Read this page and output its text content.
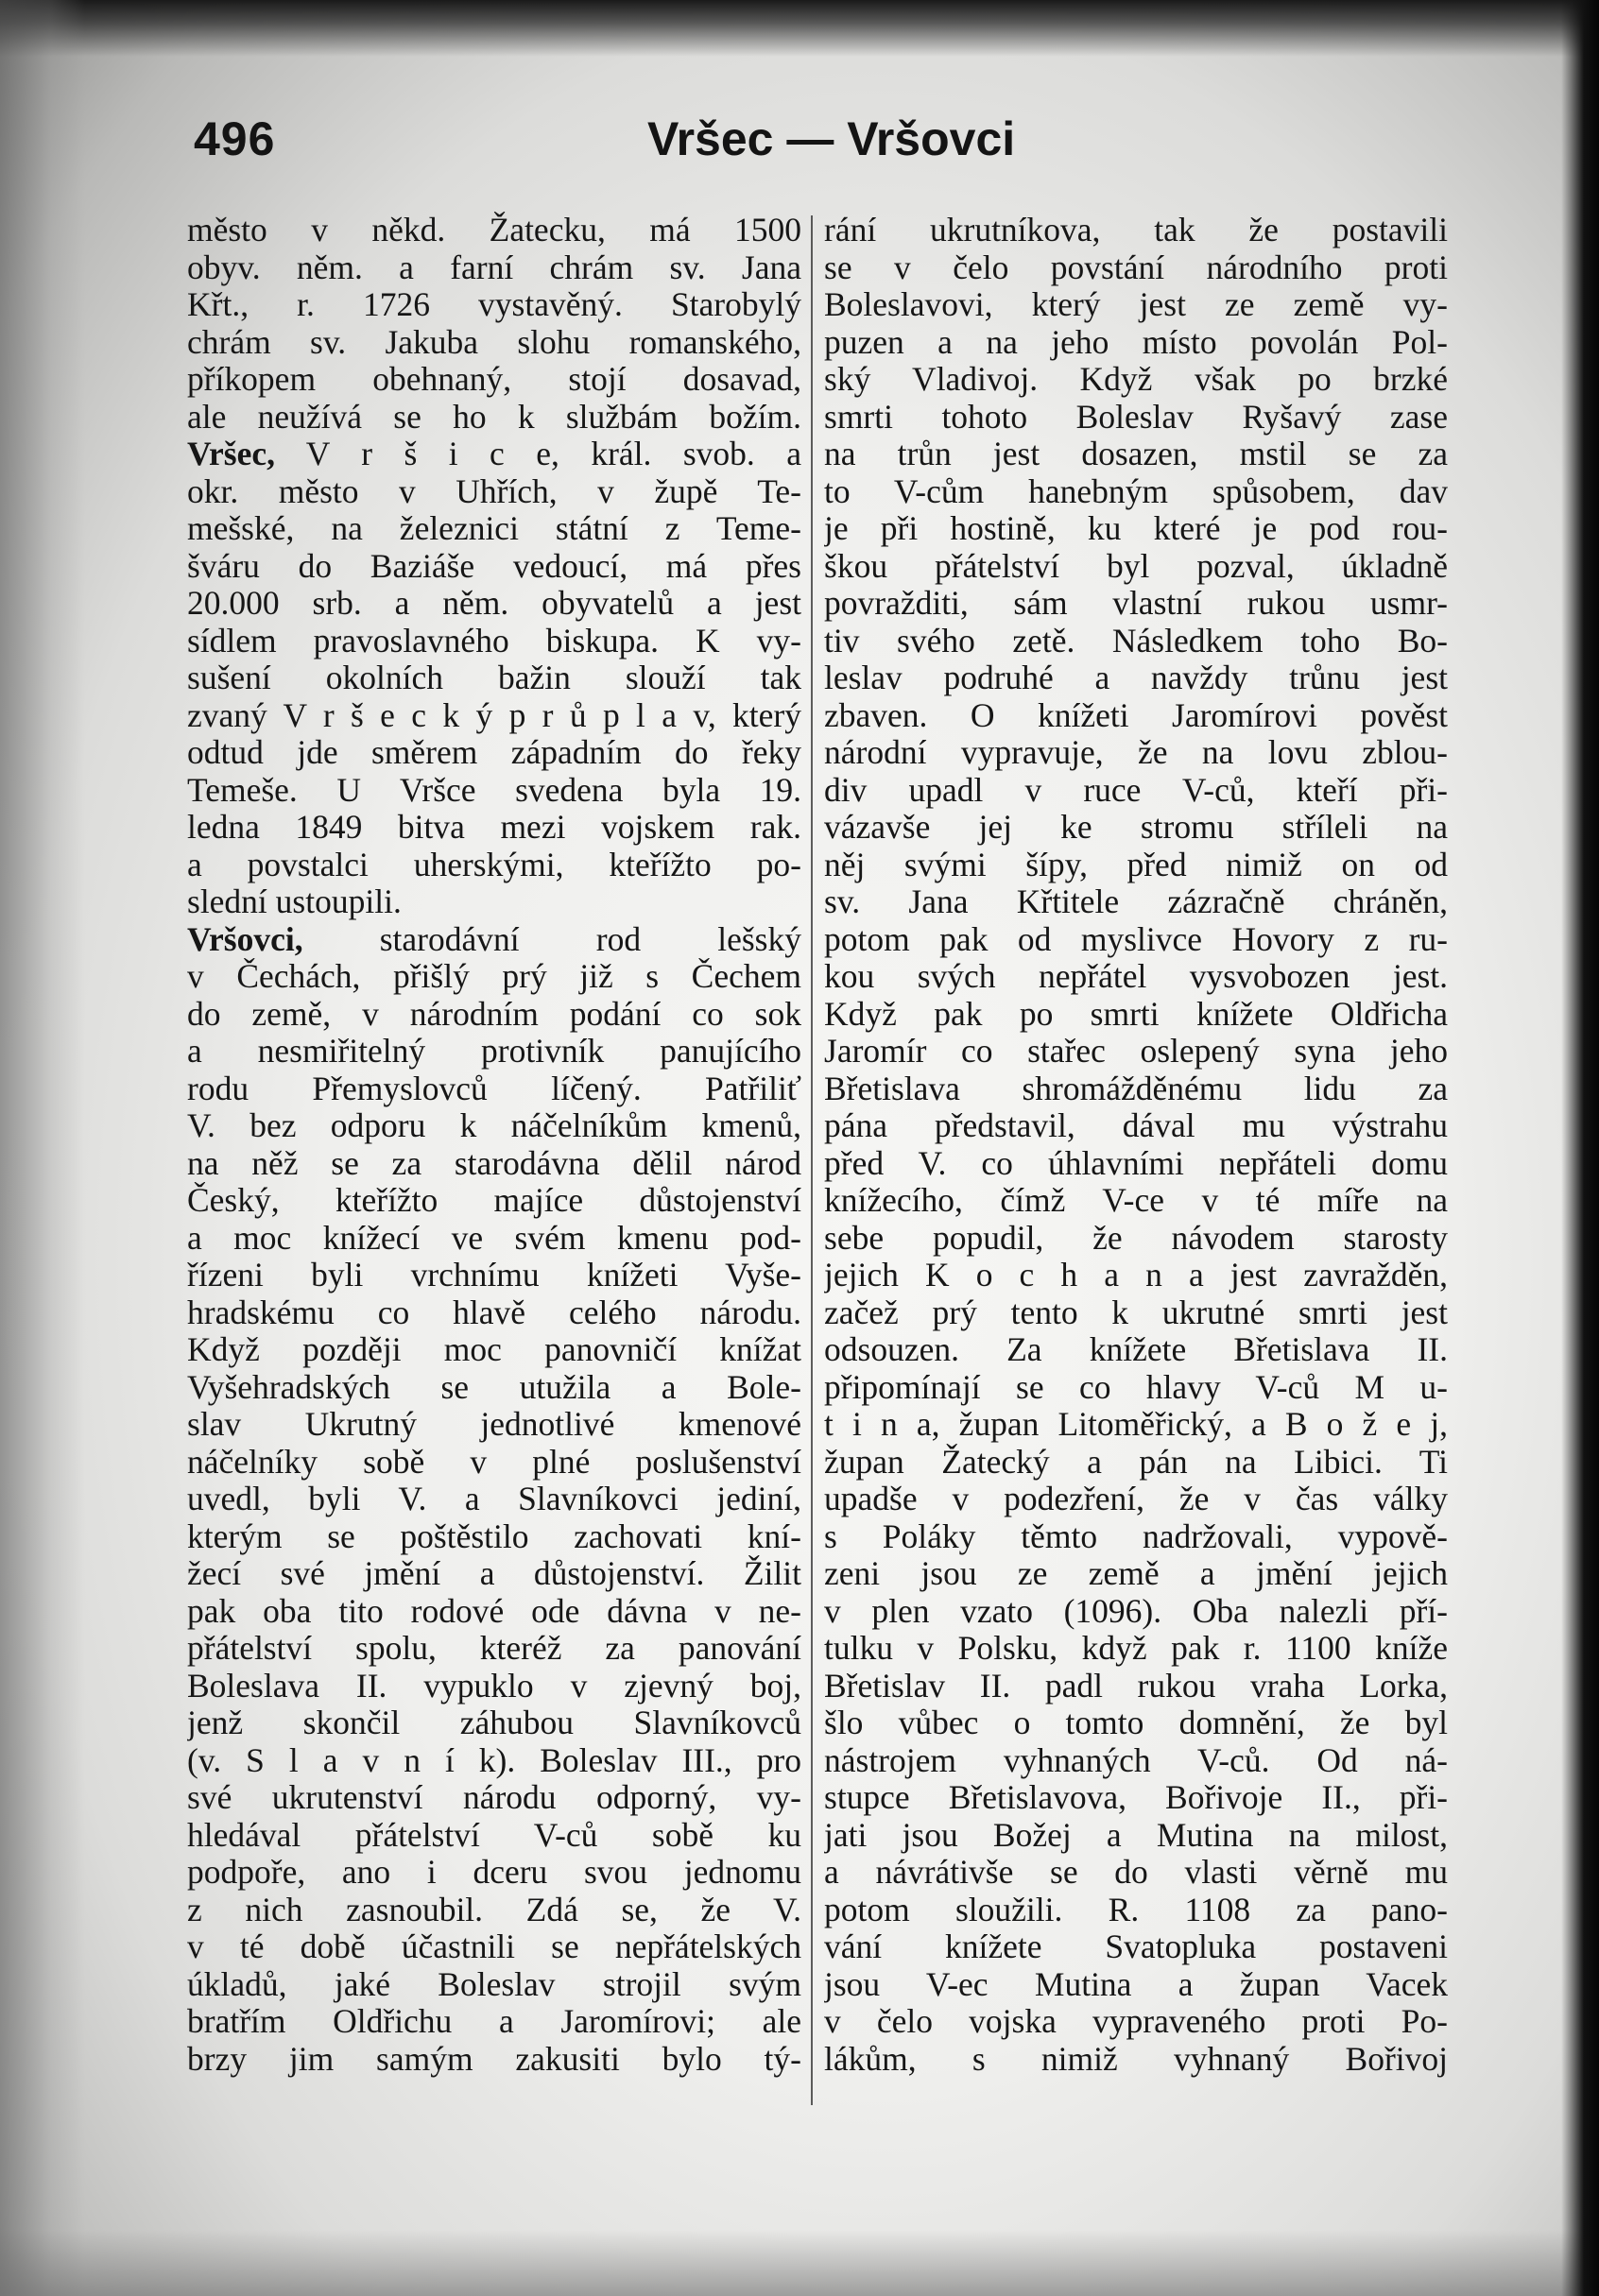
496	Vršec — Vršovci
město v někd. Žatecku, má 1500
obyv. něm. a farní chrám sv. Jana
Křt., r. 1726 vystavěný. Starobylý
chrám sv. Jakuba slohu romanského,
příkopem obehnaný, stojí dosavad,
ale neužívá se ho k službám božím.
Vršec, V r š i c e, král. svob. a
okr. město v Uhřích, v župě Te-
mešské, na železnici státní z Teme-
šváru do Baziáše vedoucí, má přes
20.000 srb. a něm. obyvatelů a jest
sídlem pravoslavného biskupa. K vy-
sušení okolních bažin slouží tak
zvaný V r š e c k ý p r ů p l a v, který
odtud jde směrem západním do řeky
Temeše. U Vršce svedena byla 19.
ledna 1849 bitva mezi vojskem rak.
a povstalci uherskými, kteřížto po-
slední ustoupili.
Vršovci, starodávní rod lešský
v Čechách, přišlý prý již s Čechem
do země, v národním podání co sok
a nesmiřitelný protivník panujícího
rodu Přemyslovců líčený. Patřiliť
V. bez odporu k náčelníkům kmenů,
na něž se za starodávna dělil národ
Český, kteřížto majíce důstojenství
a moc knížecí ve svém kmenu pod-
řízeni byli vrchnímu knížeti Vyše-
hradskému co hlavě celého národu.
Když později moc panovničí knížat
Vyšehradských se utužila a Bole-
slav Ukrutný jednotlivé kmenové
náčelníky sobě v plné poslušenství
uvedl, byli V. a Slavníkovci jediní,
kterým se poštěstilo zachovati kní-
žecí své jmění a důstojenství. Žilit
pak oba tito rodové ode dávna v ne-
přátelství spolu, kteréž za panování
Boleslava II. vypuklo v zjevný boj,
jenž skončil záhubou Slavníkovců
(v. S l a v n í k). Boleslav III., pro
své ukrutenství národu odporný, vy-
hledával přátelství V-ců sobě ku
podpoře, ano i dceru svou jednomu
z nich zasnoubil. Zdá se, že V.
v té době účastnili se nepřátelských
úkladů, jaké Boleslav strojil svým
bratřím Oldřichu a Jaromírovi; ale
brzy jim samým zakusiti bylo tý-
rání ukrutníkova, tak že postavili
se v čelo povstání národního proti
Boleslavovi, který jest ze země vy-
puzen a na jeho místo povolán Pol-
ský Vladivoj. Když však po brzké
smrti tohoto Boleslav Ryšavý zase
na trůn jest dosazen, mstil se za
to V-cům hanebným spůsobem, dav
je při hostině, ku které je pod rou-
škou přátelství byl pozval, úkladně
povražditi, sám vlastní rukou usmr-
tiv svého zetě. Následkem toho Bo-
leslav podruhé a navždy trůnu jest
zbaven. O knížeti Jaromírovi pověst
národní vypravuje, že na lovu zblou-
div upadl v ruce V-ců, kteří při-
vázavše jej ke stromu stříleli na
něj svými šípy, před nimiž on od
sv. Jana Křtitele zázračně chráněn,
potom pak od myslivce Hovory z ru-
kou svých nepřátel vysvobozen jest.
Když pak po smrti knížete Oldřicha
Jaromír co stařec oslepený syna jeho
Břetislava shromážděnému lidu za
pána představil, dával mu výstrahu
před V. co úhlavními nepřáteli domu
knížecího, čímž V-ce v té míře na
sebe popudil, že návodem starosty
jejich K o c h a n a jest zavražděn,
začež prý tento k ukrutné smrti jest
odsouzen. Za knížete Břetislava II.
připomínají se co hlavy V-ců M u-
t i n a, župan Litoměřický, a B o ž e j,
župan Žatecký a pán na Libici. Ti
upadše v podezření, že v čas války
s Poláky těmto nadržovali, vypově-
zeni jsou ze země a jmění jejich
v plen vzato (1096). Oba nalezli pří-
tulku v Polsku, když pak r. 1100 kníže
Břetislav II. padl rukou vraha Lorka,
šlo vůbec o tomto domnění, že byl
nástrojem vyhnaných V-ců. Od ná-
stupce Břetislavova, Bořivoje II., při-
jati jsou Božej a Mutina na milost,
a návrátivše se do vlasti věrně mu
potom sloužili. R. 1108 za pano-
vání knížete Svatopluka postaveni
jsou V-ec Mutina a župan Vacek
v čelo vojska vypraveného proti Po-
lákům, s nimiž vyhnaný Bořivoj
